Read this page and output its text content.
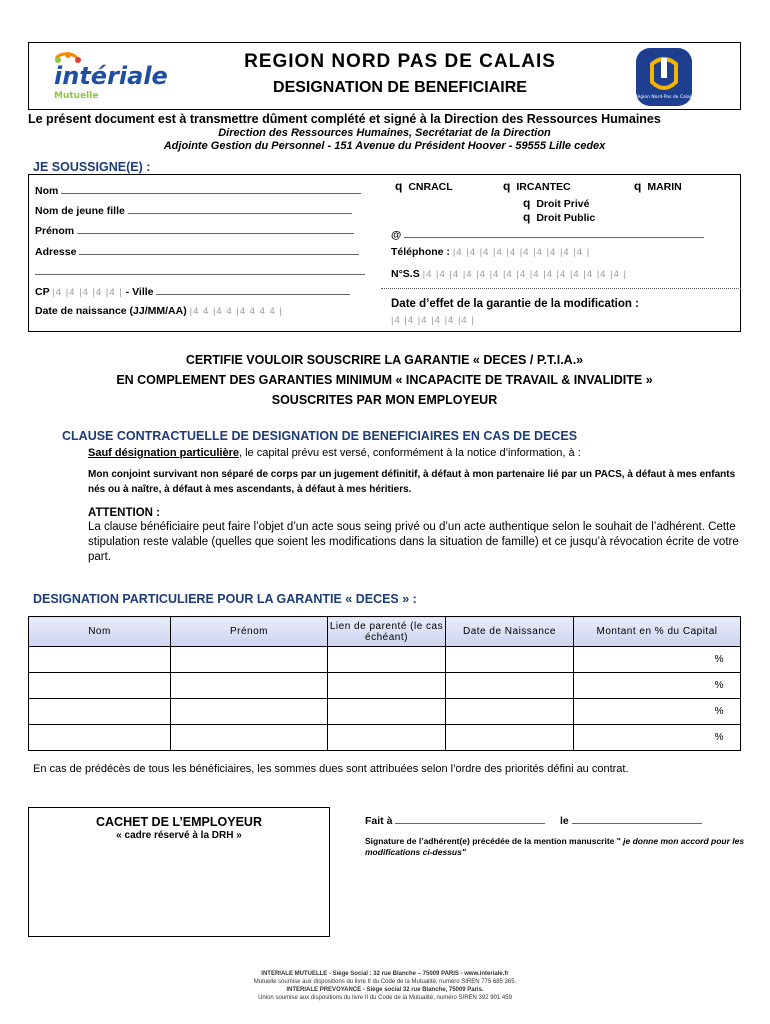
intériale
Mutuelle
REGION NORD PAS DE CALAIS
DESIGNATION DE BENEFICIAIRE
Région Nord-Pas de Calais
Le présent document est à transmettre dûment complété et signé à la Direction des Ressources Humaines
Direction des Ressources Humaines, Secrétariat de la Direction
Adjointe Gestion du Personnel - 151 Avenue du Président Hoover - 59555 Lille cedex
JE SOUSSIGNE(E) :
Nom
Nom de jeune fille
Prénom
Adresse
CP |4 |4 |4 |4 |4 | - Ville
Date de naissance (JJ/MM/AA) |4 4 |4 4 |4 4 4 4 |
q CNRACL	q IRCANTEC	q MARIN
q Droit Privé
q Droit Public
@
Téléphone : |4 |4 |4 |4 |4 |4 |4 |4 |4 |4 |
N°S.S |4 |4 |4 |4 |4 |4 |4 |4 |4 |4 |4 |4 |4 |4 |4 |
Date d’effet de la garantie de la modification :
|4 |4 |4 |4 |4 |4 |
CERTIFIE VOULOIR SOUSCRIRE LA GARANTIE « DECES / P.T.I.A.»
EN COMPLEMENT DES GARANTIES MINIMUM « INCAPACITE DE TRAVAIL & INVALIDITE »
SOUSCRITES PAR MON EMPLOYEUR
CLAUSE CONTRACTUELLE DE DESIGNATION DE BENEFICIAIRES EN CAS DE DECES
Sauf désignation particulière, le capital prévu est versé, conformément à la notice d’information, à :
Mon conjoint survivant non séparé de corps par un jugement définitif, à défaut à mon partenaire lié par un PACS, à défaut à mes enfants nés ou à naître, à défaut à mes ascendants, à défaut à mes héritiers.
ATTENTION :
La clause bénéficiaire peut faire l’objet d’un acte sous seing privé ou d’un acte authentique selon le souhait de l’adhérent. Cette stipulation reste valable (quelles que soient les modifications dans la situation de famille) et ce jusqu’à révocation écrite de votre part.
DESIGNATION PARTICULIERE POUR LA GARANTIE « DECES » :
Nom	Prénom	Lien de parenté (le cas échéant)	Date de Naissance	Montant en % du Capital
				%
				%
				%
				%
En cas de prédécès de tous les bénéficiaires, les sommes dues sont attribuées selon l’ordre des priorités défini au contrat.
CACHET DE L’EMPLOYEUR
« cadre réservé à la DRH »
Fait à	le
Signature de l’adhérent(e) précédée de la mention manuscrite " je donne mon accord pour les modifications ci-dessus"
INTERIALE MUTUELLE - Siège Social : 32 rue Blanche – 75009 PARIS - www.interiale.fr
Mutuelle soumise aux dispositions du livre II du Code de la Mutualité, numéro SIREN 775 685 365.
INTERIALE PREVOYANCE - Siège social 32 rue Blanche, 75009 Paris.
Union soumise aux dispositions du livre II du Code de la Mutualité, numéro SIREN 392 901 459
